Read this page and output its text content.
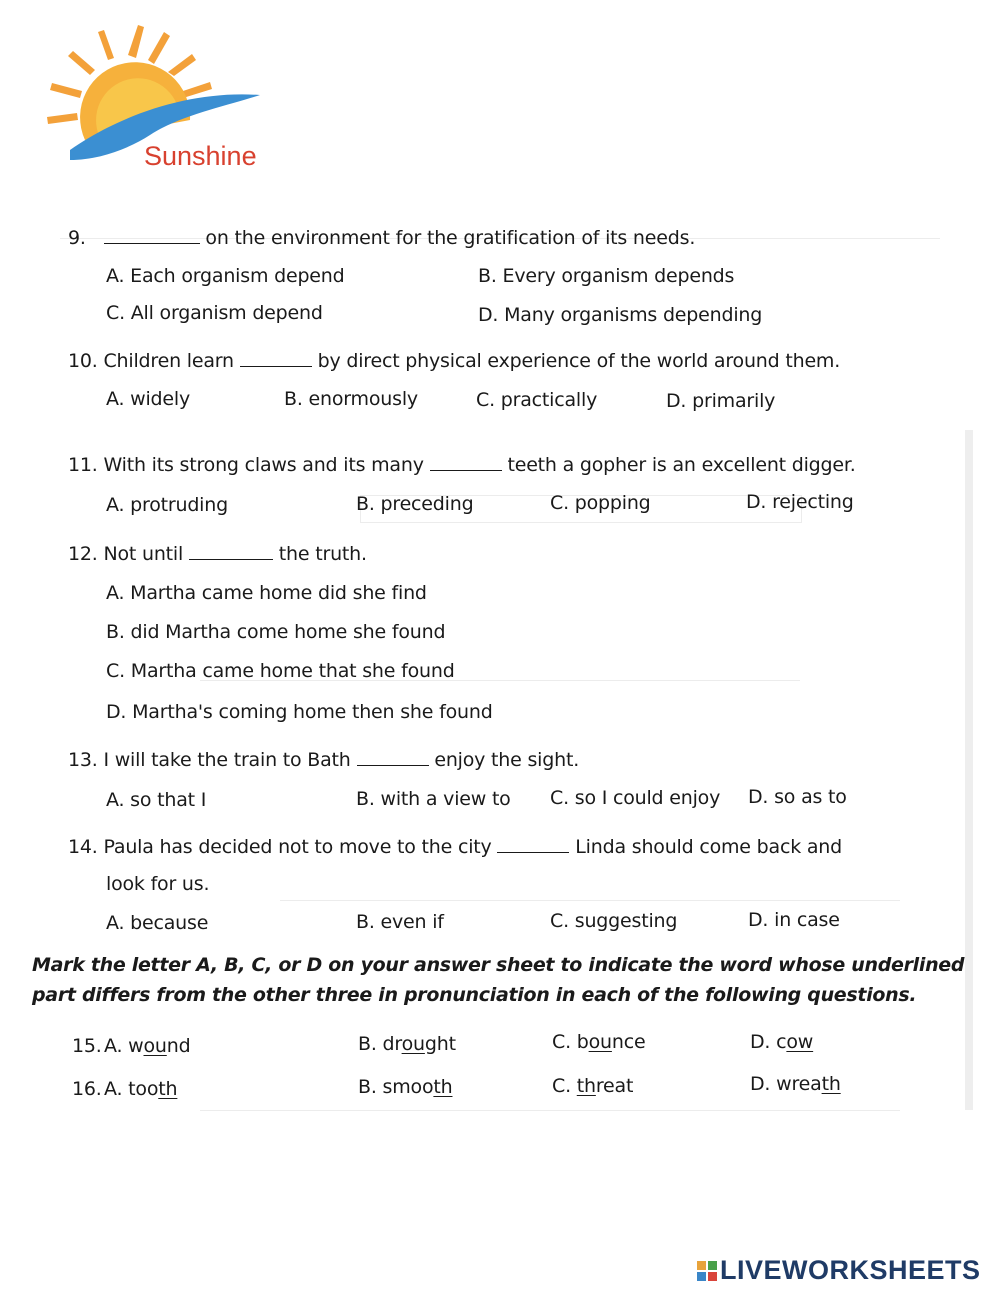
Sunshine
9.	on the environment for the gratification of its needs.
A. Each organism depend	B. Every organism depends
C. All organism depend	D. Many organisms depending
10. Children learn	by direct physical experience of the world around them.
A. widely	B. enormously	C. practically	D. primarily
11. With its strong claws and its many	teeth a gopher is an excellent digger.
A. protruding	B. preceding	C. popping	D. rejecting
12. Not until	the truth.
A. Martha came home did she find
B. did Martha come home she found
C. Martha came home that she found
D. Martha's coming home then she found
13. I will take the train to Bath	enjoy the sight.
A. so that I	B. with a view to C. so I could enjoy D. so as to
14. Paula has decided not to move to the city	Linda should come back and
look for us.
A. because	B. even if	C. suggesting	D. in case
Mark the letter A, B, C, or D on your answer sheet to indicate the word whose underlined
part differs from the other three in pronunciation in each of the following questions.
15. A. wound	B. drought	C. bounce	D. cow
16. A. tooth	B. smooth	C. threat	D. wreath
LIVEWORKSHEETS
